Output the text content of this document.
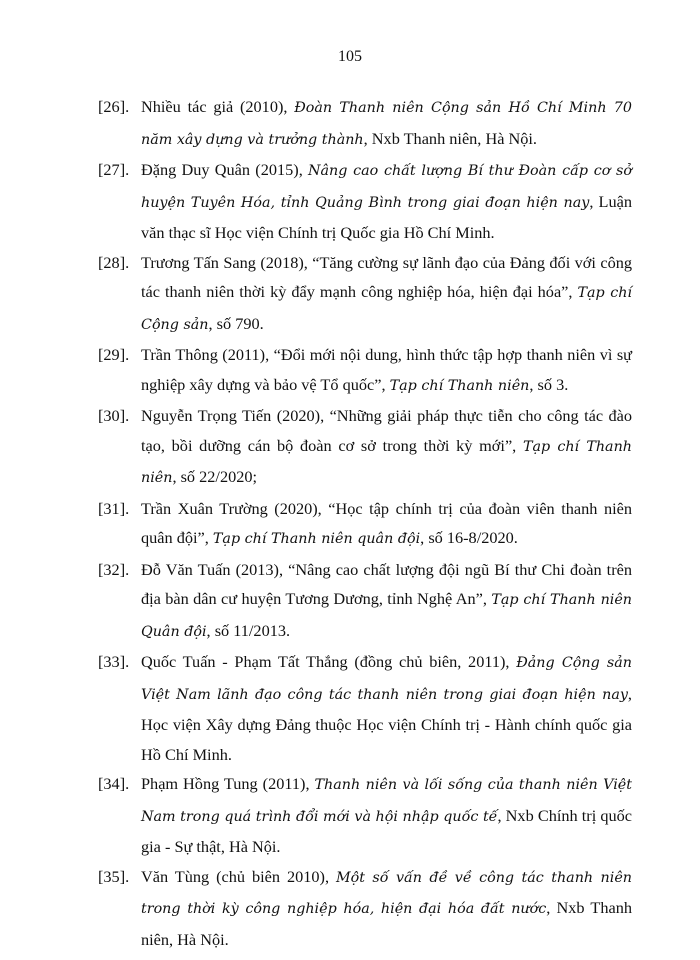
105

[26]. Nhiều tác giả (2010), Đoàn Thanh niên Cộng sản Hồ Chí Minh 70 năm xây dựng và trưởng thành, Nxb Thanh niên, Hà Nội.

[27]. Đặng Duy Quân (2015), Nâng cao chất lượng Bí thư Đoàn cấp cơ sở huyện Tuyên Hóa, tỉnh Quảng Bình trong giai đoạn hiện nay, Luận văn thạc sĩ Học viện Chính trị Quốc gia Hồ Chí Minh.

[28]. Trương Tấn Sang (2018), “Tăng cường sự lãnh đạo của Đảng đối với công tác thanh niên thời kỳ đẩy mạnh công nghiệp hóa, hiện đại hóa”, Tạp chí Cộng sản, số 790.

[29]. Trần Thông (2011), “Đổi mới nội dung, hình thức tập hợp thanh niên vì sự nghiệp xây dựng và bảo vệ Tổ quốc”, Tạp chí Thanh niên, số 3.

[30]. Nguyễn Trọng Tiến (2020), “Những giải pháp thực tiễn cho công tác đào tạo, bồi dưỡng cán bộ đoàn cơ sở trong thời kỳ mới”, Tạp chí Thanh niên, số 22/2020;

[31]. Trần Xuân Trường (2020), “Học tập chính trị của đoàn viên thanh niên quân đội”, Tạp chí Thanh niên quân đội, số 16-8/2020.

[32]. Đỗ Văn Tuấn (2013), “Nâng cao chất lượng đội ngũ Bí thư Chi đoàn trên địa bàn dân cư huyện Tương Dương, tỉnh Nghệ An”, Tạp chí Thanh niên Quân đội, số 11/2013.

[33]. Quốc Tuấn - Phạm Tất Thắng (đồng chủ biên, 2011), Đảng Cộng sản Việt Nam lãnh đạo công tác thanh niên trong giai đoạn hiện nay, Học viện Xây dựng Đảng thuộc Học viện Chính trị - Hành chính quốc gia Hồ Chí Minh.

[34]. Phạm Hồng Tung (2011), Thanh niên và lối sống của thanh niên Việt Nam trong quá trình đổi mới và hội nhập quốc tế, Nxb Chính trị quốc gia - Sự thật, Hà Nội.

[35]. Văn Tùng (chủ biên 2010), Một số vấn đề về công tác thanh niên trong thời kỳ công nghiệp hóa, hiện đại hóa đất nước, Nxb Thanh niên, Hà Nội.
